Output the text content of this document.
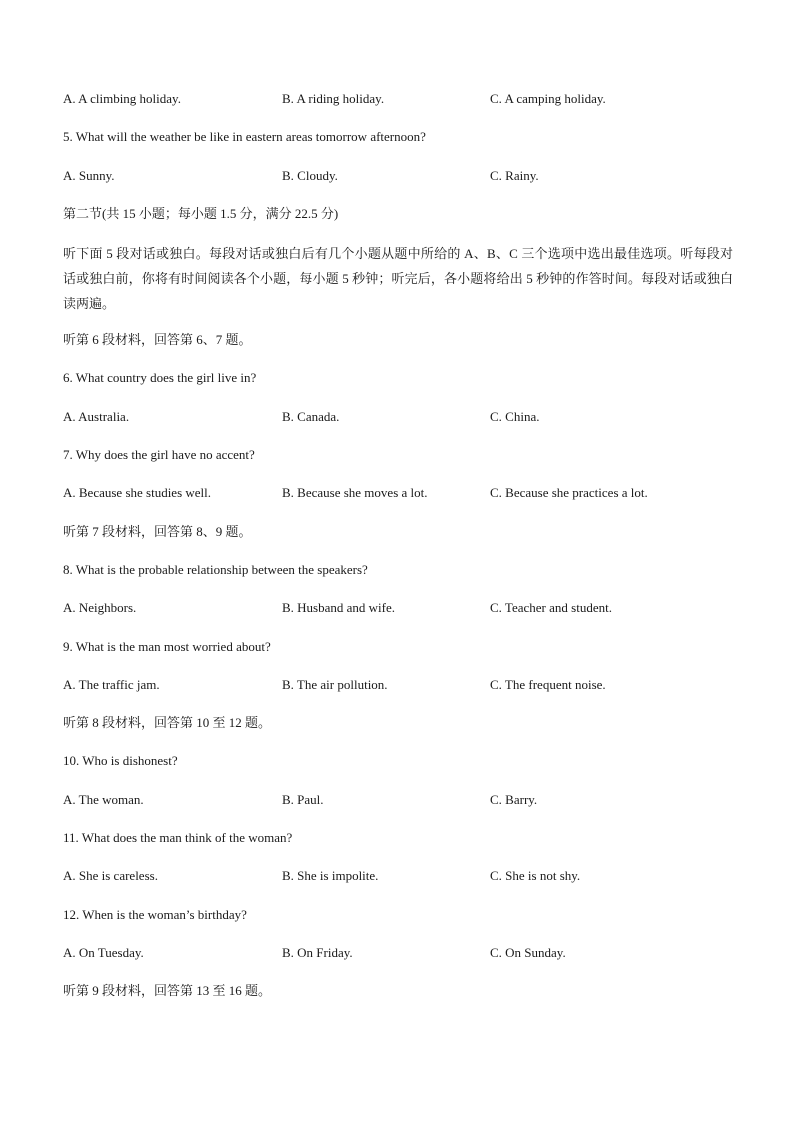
A. A climbing holiday.	B. A riding holiday.	C. A camping holiday.
5. What will the weather be like in eastern areas tomorrow afternoon?
A. Sunny.	B. Cloudy.	C. Rainy.
第二节(共 15 小题；每小题 1.5 分，满分 22.5 分)
听下面 5 段对话或独白。每段对话或独白后有几个小题从题中所给的 A、B、C 三个选项中选出最佳选项。听每段对话或独白前，你将有时间阅读各个小题，每小题 5 秒钟；听完后，各小题将给出 5 秒钟的作答时间。每段对话或独白读两遍。
听第 6 段材料，回答第 6、7 题。
6. What country does the girl live in?
A. Australia.	B. Canada.	C. China.
7. Why does the girl have no accent?
A. Because she studies well.	B. Because she moves a lot.	C. Because she practices a lot.
听第 7 段材料，回答第 8、9 题。
8. What is the probable relationship between the speakers?
A. Neighbors.	B. Husband and wife.	C. Teacher and student.
9. What is the man most worried about?
A. The traffic jam.	B. The air pollution.	C. The frequent noise.
听第 8 段材料，回答第 10 至 12 题。
10. Who is dishonest?
A. The woman.	B. Paul.	C. Barry.
11. What does the man think of the woman?
A. She is careless.	B. She is impolite.	C. She is not shy.
12. When is the woman’s birthday?
A. On Tuesday.	B. On Friday.	C. On Sunday.
听第 9 段材料，回答第 13 至 16 题。
